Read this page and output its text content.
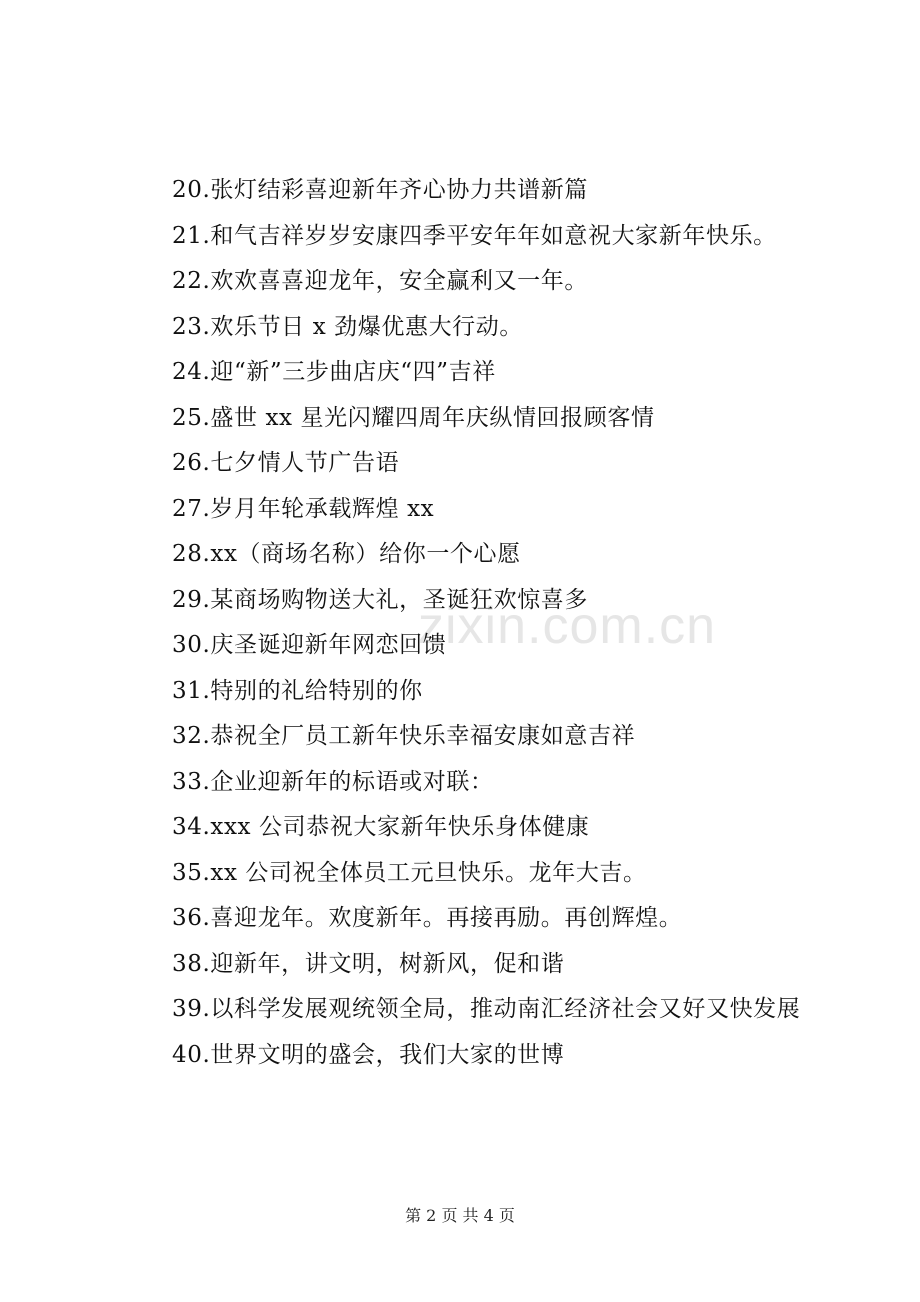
zixin.com.cn
20.张灯结彩喜迎新年齐心协力共谱新篇
21.和气吉祥岁岁安康四季平安年年如意祝大家新年快乐。
22.欢欢喜喜迎龙年，安全赢利又一年。
23.欢乐节日 x 劲爆优惠大行动。
24.迎“新”三步曲店庆“四”吉祥
25.盛世 xx 星光闪耀四周年庆纵情回报顾客情
26.七夕情人节广告语
27.岁月年轮承载辉煌 xx
28.xx（商场名称）给你一个心愿
29.某商场购物送大礼，圣诞狂欢惊喜多
30.庆圣诞迎新年网恋回馈
31.特别的礼给特别的你
32.恭祝全厂员工新年快乐幸福安康如意吉祥
33.企业迎新年的标语或对联：
34.xxx 公司恭祝大家新年快乐身体健康
35.xx 公司祝全体员工元旦快乐。龙年大吉。
36.喜迎龙年。欢度新年。再接再励。再创辉煌。
38.迎新年，讲文明，树新风，促和谐
39.以科学发展观统领全局，推动南汇经济社会又好又快发展
40.世界文明的盛会，我们大家的世博
第 2 页 共 4 页
